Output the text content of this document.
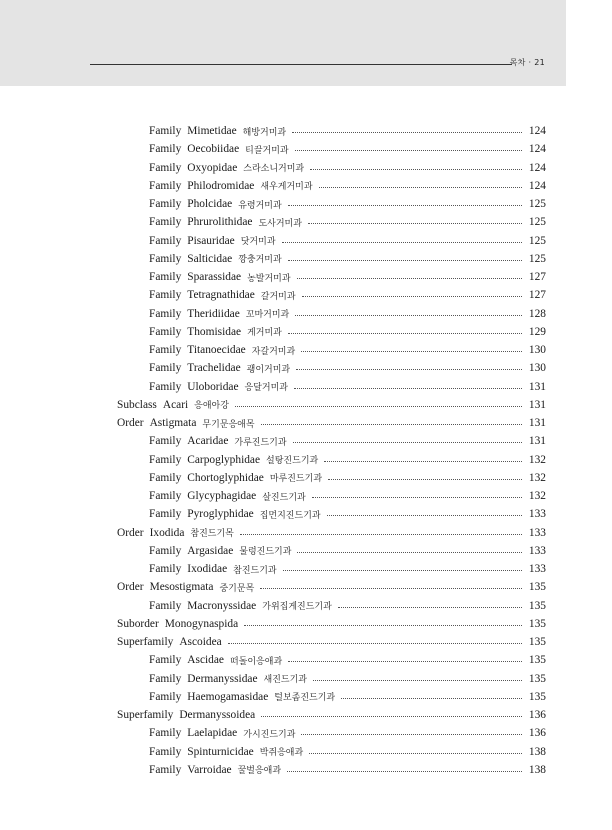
목차 · 21
Family Mimetidae 해방거미과	124
Family Oecobiidae 티끌거미과	124
Family Oxyopidae 스라소니거미과	124
Family Philodromidae 새우게거미과	124
Family Pholcidae 유령거미과	125
Family Phrurolithidae 도사거미과	125
Family Pisauridae 닷거미과	125
Family Salticidae 깡충거미과	125
Family Sparassidae 농발거미과	127
Family Tetragnathidae 갈거미과	127
Family Theridiidae 꼬마거미과	128
Family Thomisidae 게거미과	129
Family Titanoecidae 자갈거미과	130
Family Trachelidae 괭이거미과	130
Family Uloboridae 응달거미과	131
Subclass Acari 응애아강	131
Order Astigmata 무기문응애목	131
Family Acaridae 가루진드기과	131
Family Carpoglyphidae 설탕진드기과	132
Family Chortoglyphidae 마루진드기과	132
Family Glycyphagidae 살진드기과	132
Family Pyroglyphidae 집먼지진드기과	133
Order Ixodida 참진드기목	133
Family Argasidae 물렁진드기과	133
Family Ixodidae 참진드기과	133
Order Mesostigmata 중기문목	135
Family Macronyssidae 가위집게진드기과	135
Suborder Monogynaspida	135
Superfamily Ascoidea	135
Family Ascidae 떠돌이응애과	135
Family Dermanyssidae 새진드기과	135
Family Haemogamasidae 털보좀진드기과	135
Superfamily Dermanyssoidea	136
Family Laelapidae 가시진드기과	136
Family Spinturnicidae 박쥐응애과	138
Family Varroidae 꿀벌응애과	138
